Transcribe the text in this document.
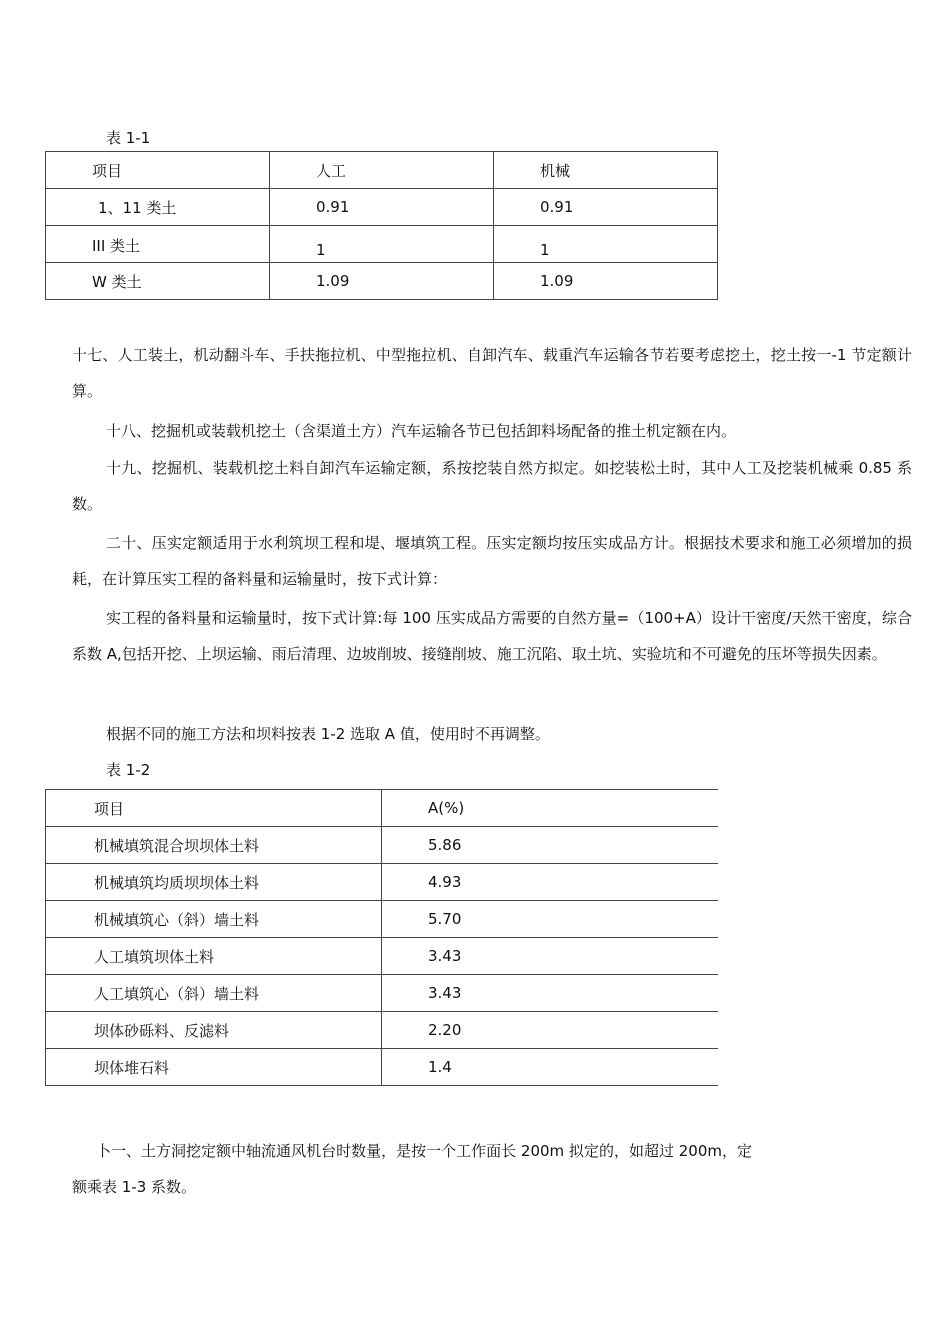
表 1-1
项目	人工	机械
1、11 类土	0.91	0.91
III 类土	1	1
W 类土	1.09	1.09
十七、人工装土，机动翻斗车、手扶拖拉机、中型拖拉机、自卸汽车、载重汽车运输各节若要考虑挖土，挖土按一-1 节定额计算。
十八、挖掘机或装载机挖土（含渠道土方）汽车运输各节已包括卸料场配备的推土机定额在内。
十九、挖掘机、装载机挖土料自卸汽车运输定额，系按挖装自然方拟定。如挖装松土时，其中人工及挖装机械乘 0.85 系数。
二十、压实定额适用于水利筑坝工程和堤、堰填筑工程。压实定额均按压实成品方计。根据技术要求和施工必须增加的损耗，在计算压实工程的备料量和运输量时，按下式计算：
实工程的备料量和运输量时，按下式计算:每 100 压实成品方需要的自然方量=（100+A）设计干密度/天然干密度，综合系数 A,包括开挖、上坝运输、雨后清理、边坡削坡、接缝削坡、施工沉陷、取土坑、实验坑和不可避免的压坏等损失因素。
根据不同的施工方法和坝料按表 1-2 选取 A 值，使用时不再调整。
表 1-2
项目	A(%)
机械填筑混合坝坝体土料	5.86
机械填筑均质坝坝体土料	4.93
机械填筑心（斜）墙土料	5.70
人工填筑坝体土料	3.43
人工填筑心（斜）墙土料	3.43
坝体砂砾料、反滤料	2.20
坝体堆石料	1.4
卜一、土方洞挖定额中轴流通风机台时数量，是按一个工作面长 200m 拟定的，如超过 200m，定额乘表 1-3 系数。
